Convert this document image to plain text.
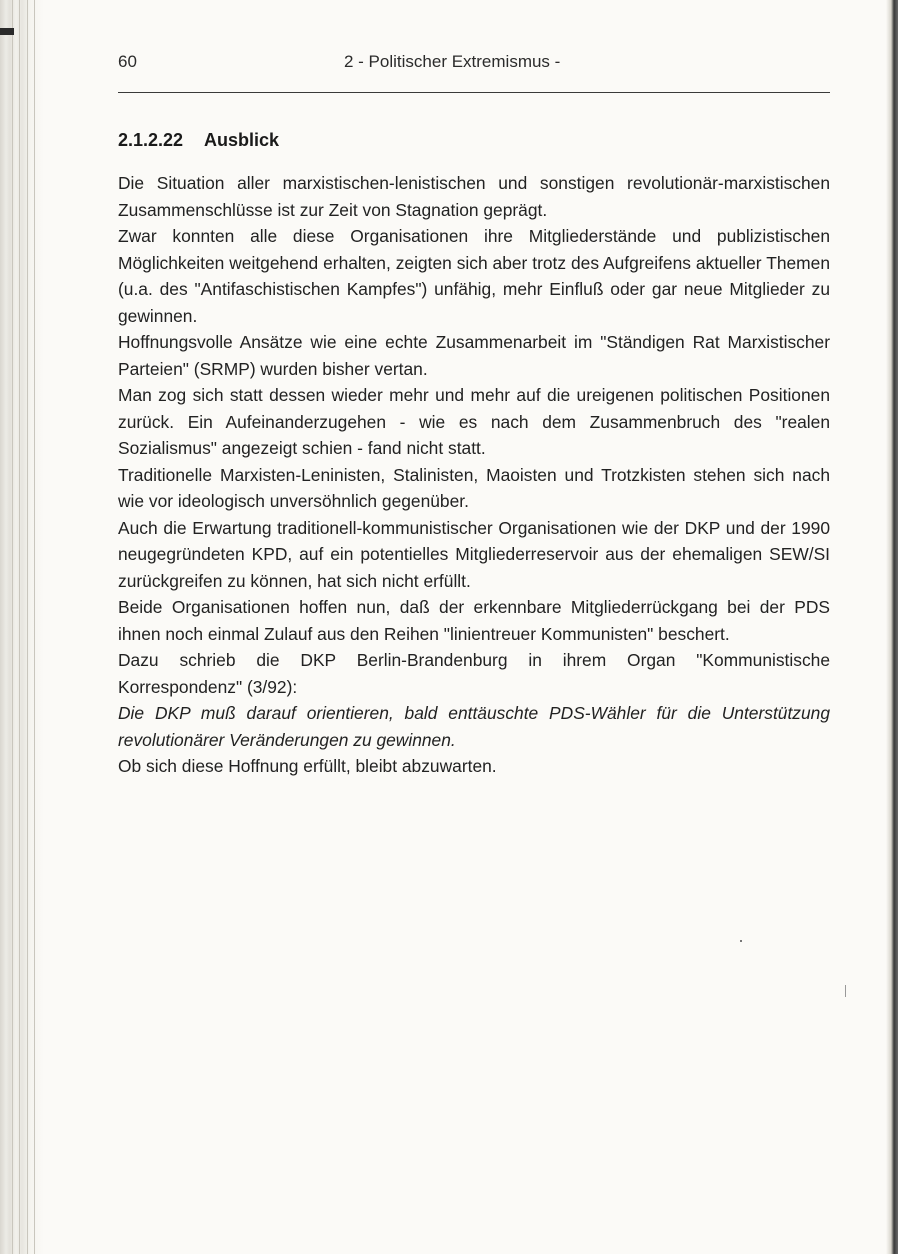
60	2 - Politischer Extremismus -
2.1.2.22 Ausblick

Die Situation aller marxistischen-lenistischen und sonstigen revolutionär-marxistischen Zusammenschlüsse ist zur Zeit von Stagnation geprägt.

Zwar konnten alle diese Organisationen ihre Mitgliederstände und publizistischen Möglichkeiten weitgehend erhalten, zeigten sich aber trotz des Aufgreifens aktueller Themen (u.a. des "Antifaschistischen Kampfes") unfähig, mehr Einfluß oder gar neue Mitglieder zu gewinnen.

Hoffnungsvolle Ansätze wie eine echte Zusammenarbeit im "Ständigen Rat Marxistischer Parteien" (SRMP) wurden bisher vertan.

Man zog sich statt dessen wieder mehr und mehr auf die ureigenen politischen Positionen zurück. Ein Aufeinanderzugehen - wie es nach dem Zusammenbruch des "realen Sozialismus" angezeigt schien - fand nicht statt.

Traditionelle Marxisten-Leninisten, Stalinisten, Maoisten und Trotzkisten stehen sich nach wie vor ideologisch unversöhnlich gegenüber.

Auch die Erwartung traditionell-kommunistischer Organisationen wie der DKP und der 1990 neugegründeten KPD, auf ein potentielles Mitgliederreservoir aus der ehemaligen SEW/SI zurückgreifen zu können, hat sich nicht erfüllt.

Beide Organisationen hoffen nun, daß der erkennbare Mitgliederrückgang bei der PDS ihnen noch einmal Zulauf aus den Reihen "linientreuer Kommunisten" beschert.

Dazu schrieb die DKP Berlin-Brandenburg in ihrem Organ "Kommunistische Korrespondenz" (3/92):

Die DKP muß darauf orientieren, bald enttäuschte PDS-Wähler für die Unterstützung revolutionärer Veränderungen zu gewinnen.

Ob sich diese Hoffnung erfüllt, bleibt abzuwarten.
